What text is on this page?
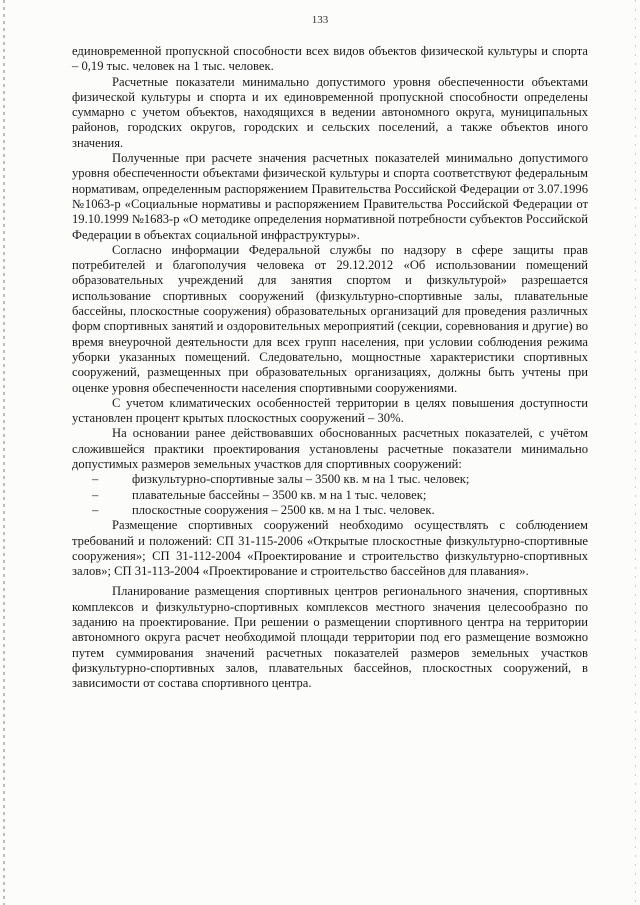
133

единовременной пропускной способности всех видов объектов физической культуры и спорта – 0,19 тыс. человек на 1 тыс. человек.

Расчетные показатели минимально допустимого уровня обеспеченности объектами физической культуры и спорта и их единовременной пропускной способности определены суммарно с учетом объектов, находящихся в ведении автономного округа, муниципальных районов, городских округов, городских и сельских поселений, а также объектов иного значения.

Полученные при расчете значения расчетных показателей минимально допустимого уровня обеспеченности объектами физической культуры и спорта соответствуют федеральным нормативам, определенным распоряжением Правительства Российской Федерации от 3.07.1996 №1063-р «Социальные нормативы и распоряжением Правительства Российской Федерации от 19.10.1999 №1683-р «О методике определения нормативной потребности субъектов Российской Федерации в объектах социальной инфраструктуры».

Согласно информации Федеральной службы по надзору в сфере защиты прав потребителей и благополучия человека от 29.12.2012 «Об использовании помещений образовательных учреждений для занятия спортом и физкультурой» разрешается использование спортивных сооружений (физкультурно-спортивные залы, плавательные бассейны, плоскостные сооружения) образовательных организаций для проведения различных форм спортивных занятий и оздоровительных мероприятий (секции, соревнования и другие) во время внеурочной деятельности для всех групп населения, при условии соблюдения режима уборки указанных помещений. Следовательно, мощностные характеристики спортивных сооружений, размещенных при образовательных организациях, должны быть учтены при оценке уровня обеспеченности населения спортивными сооружениями.

С учетом климатических особенностей территории в целях повышения доступности установлен процент крытых плоскостных сооружений – 30%.

На основании ранее действовавших обоснованных расчетных показателей, с учётом сложившейся практики проектирования установлены расчетные показатели минимально допустимых размеров земельных участков для спортивных сооружений:

–	физкультурно-спортивные залы – 3500 кв. м на 1 тыс. человек;
–	плавательные бассейны – 3500 кв. м на 1 тыс. человек;
–	плоскостные сооружения – 2500 кв. м на 1 тыс. человек.

Размещение спортивных сооружений необходимо осуществлять с соблюдением требований и положений: СП 31-115-2006 «Открытые плоскостные физкультурно-спортивные сооружения»; СП 31-112-2004 «Проектирование и строительство физкультурно-спортивных залов»; СП 31-113-2004 «Проектирование и строительство бассейнов для плавания».

Планирование размещения спортивных центров регионального значения, спортивных комплексов и физкультурно-спортивных комплексов местного значения целесообразно по заданию на проектирование. При решении о размещении спортивного центра на территории автономного округа расчет необходимой площади территории под его размещение возможно путем суммирования значений расчетных показателей размеров земельных участков физкультурно-спортивных залов, плавательных бассейнов, плоскостных сооружений, в зависимости от состава спортивного центра.
